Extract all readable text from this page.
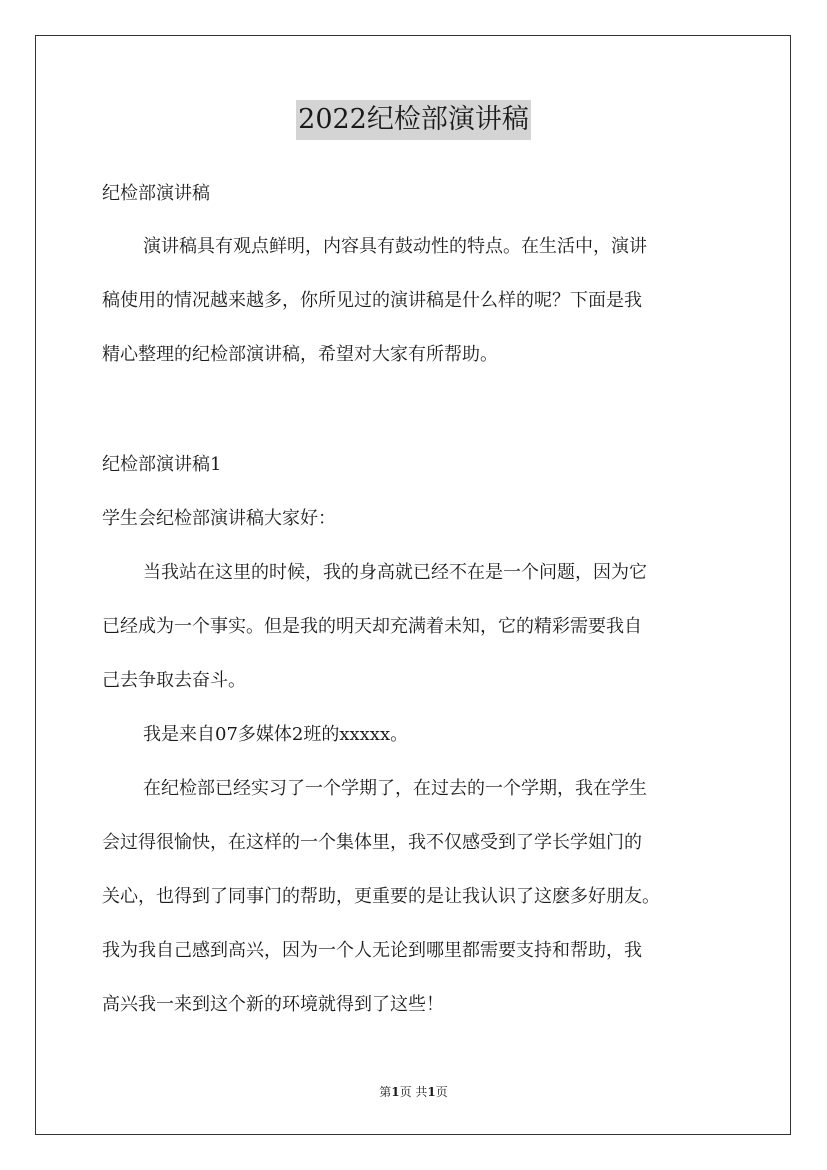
2022纪检部演讲稿
纪检部演讲稿
演讲稿具有观点鲜明，内容具有鼓动性的特点。在生活中，演讲
稿使用的情况越来越多，你所见过的演讲稿是什么样的呢？下面是我
精心整理的纪检部演讲稿，希望对大家有所帮助。
纪检部演讲稿1
学生会纪检部演讲稿大家好：
当我站在这里的时候，我的身高就已经不在是一个问题，因为它
已经成为一个事实。但是我的明天却充满着未知，它的精彩需要我自
己去争取去奋斗。
我是来自07多媒体2班的xxxxx。
在纪检部已经实习了一个学期了，在过去的一个学期，我在学生
会过得很愉快，在这样的一个集体里，我不仅感受到了学长学姐门的
关心，也得到了同事门的帮助，更重要的是让我认识了这麽多好朋友。
我为我自己感到高兴，因为一个人无论到哪里都需要支持和帮助，我
高兴我一来到这个新的环境就得到了这些！
第1页 共1页
